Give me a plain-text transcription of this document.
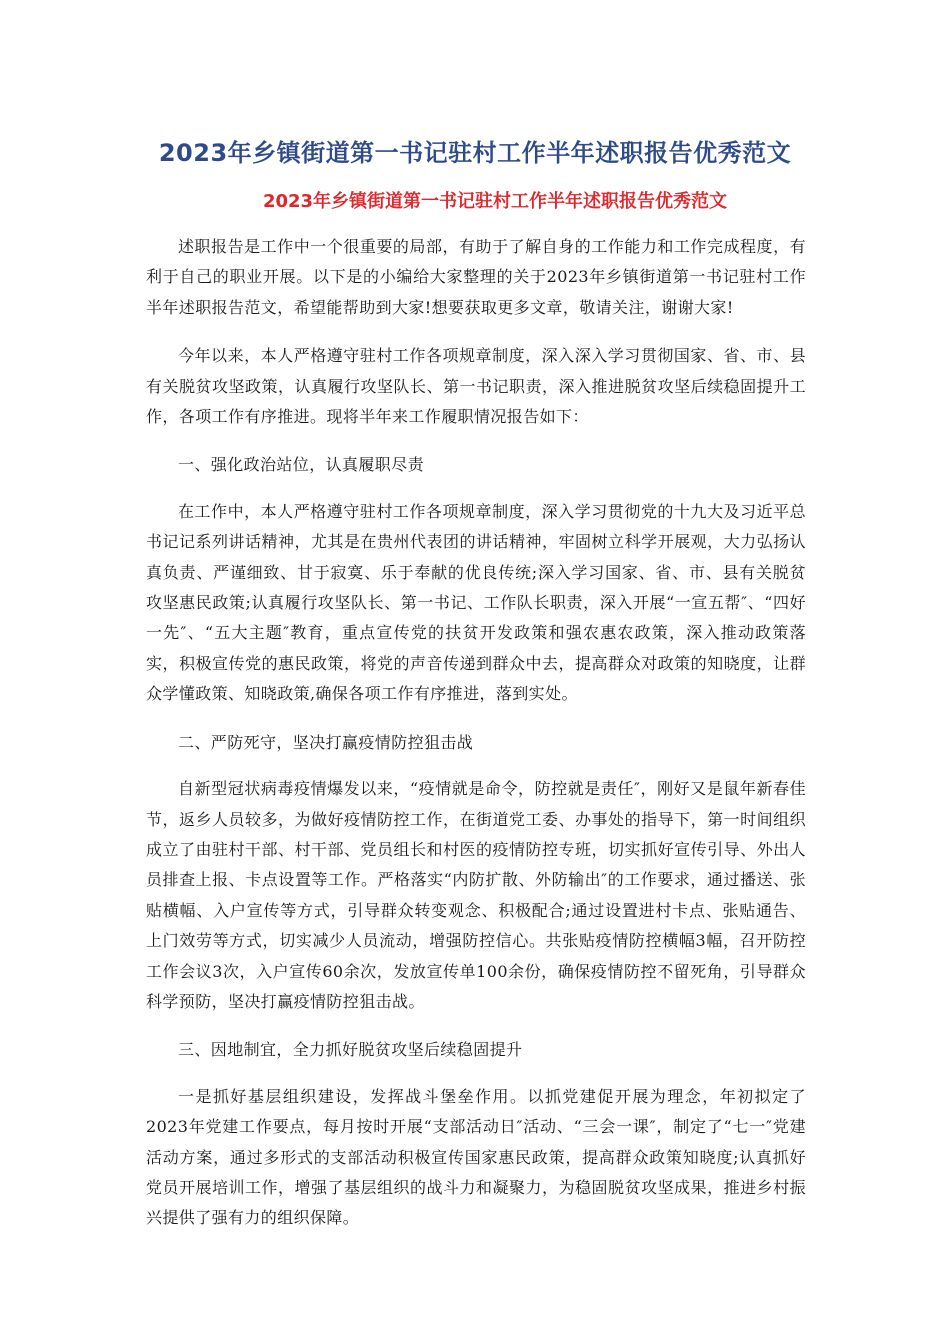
2023年乡镇街道第一书记驻村工作半年述职报告优秀范文
2023年乡镇街道第一书记驻村工作半年述职报告优秀范文

述职报告是工作中一个很重要的局部，有助于了解自身的工作能力和工作完成程度，有利于自己的职业开展。以下是的小编给大家整理的关于2023年乡镇街道第一书记驻村工作半年述职报告范文，希望能帮助到大家!想要获取更多文章，敬请关注，谢谢大家!

今年以来，本人严格遵守驻村工作各项规章制度，深入深入学习贯彻国家、省、市、县有关脱贫攻坚政策，认真履行攻坚队长、第一书记职责，深入推进脱贫攻坚后续稳固提升工作，各项工作有序推进。现将半年来工作履职情况报告如下：

一、强化政治站位，认真履职尽责

在工作中，本人严格遵守驻村工作各项规章制度，深入学习贯彻党的十九大及习近平总书记记系列讲话精神，尤其是在贵州代表团的讲话精神，牢固树立科学开展观，大力弘扬认真负责、严谨细致、甘于寂寞、乐于奉献的优良传统;深入学习国家、省、市、县有关脱贫攻坚惠民政策;认真履行攻坚队长、第一书记、工作队长职责，深入开展“一宣五帮″、“四好一先″、“五大主题″教育，重点宣传党的扶贫开发政策和强农惠农政策，深入推动政策落实，积极宣传党的惠民政策，将党的声音传递到群众中去，提高群众对政策的知晓度，让群众学懂政策、知晓政策,确保各项工作有序推进，落到实处。

二、严防死守，坚决打赢疫情防控狙击战

自新型冠状病毒疫情爆发以来，“疫情就是命令，防控就是责任″，刚好又是鼠年新春佳节，返乡人员较多，为做好疫情防控工作，在街道党工委、办事处的指导下，第一时间组织成立了由驻村干部、村干部、党员组长和村医的疫情防控专班，切实抓好宣传引导、外出人员排查上报、卡点设置等工作。严格落实“内防扩散、外防输出″的工作要求，通过播送、张贴横幅、入户宣传等方式，引导群众转变观念、积极配合;通过设置进村卡点、张贴通告、上门效劳等方式，切实减少人员流动，增强防控信心。共张贴疫情防控横幅3幅，召开防控工作会议3次，入户宣传60余次，发放宣传单100余份，确保疫情防控不留死角，引导群众科学预防，坚决打赢疫情防控狙击战。

三、因地制宜，全力抓好脱贫攻坚后续稳固提升

一是抓好基层组织建设，发挥战斗堡垒作用。以抓党建促开展为理念，年初拟定了2023年党建工作要点，每月按时开展“支部活动日″活动、“三会一课″，制定了“七一″党建活动方案，通过多形式的支部活动积极宣传国家惠民政策，提高群众政策知晓度;认真抓好党员开展培训工作，增强了基层组织的战斗力和凝聚力，为稳固脱贫攻坚成果，推进乡村振兴提供了强有力的组织保障。
